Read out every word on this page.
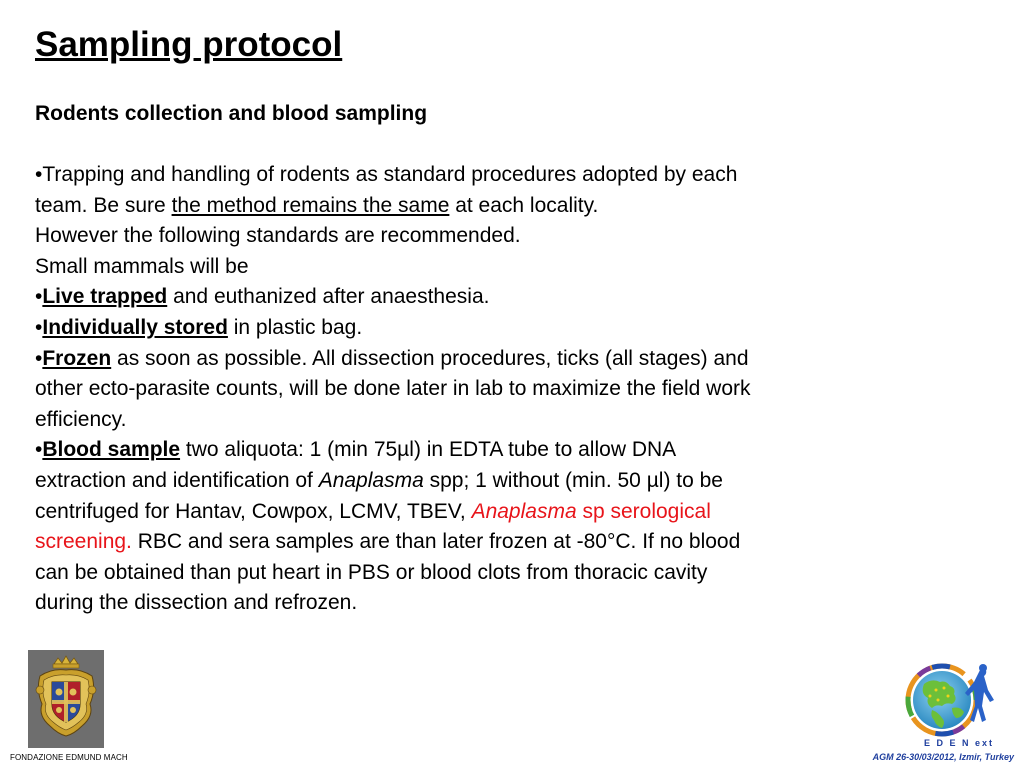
Sampling protocol
Rodents collection and blood sampling
•Trapping and handling of rodents as standard procedures adopted by each
team. Be sure the method remains the same at each locality.
However the following standards are recommended.
Small mammals will be
•Live trapped and euthanized after anaesthesia.
•Individually stored in plastic bag.
•Frozen as soon as possible. All dissection procedures, ticks (all stages) and
other ecto-parasite counts, will be done later in lab to maximize the field work
efficiency.
•Blood sample two aliquota: 1 (min 75µl) in EDTA tube to allow DNA
extraction and identification of Anaplasma spp; 1 without (min. 50 µl) to be
centrifuged for Hantav, Cowpox, LCMV, TBEV, Anaplasma sp serological
screening. RBC and sera samples are than later frozen at -80°C. If no blood
can be obtained than put heart in PBS or blood clots from thoracic cavity
during the dissection and refrozen.
FONDAZIONE EDMUND MACH
E D E N ext
AGM 26-30/03/2012, Izmir, Turkey
